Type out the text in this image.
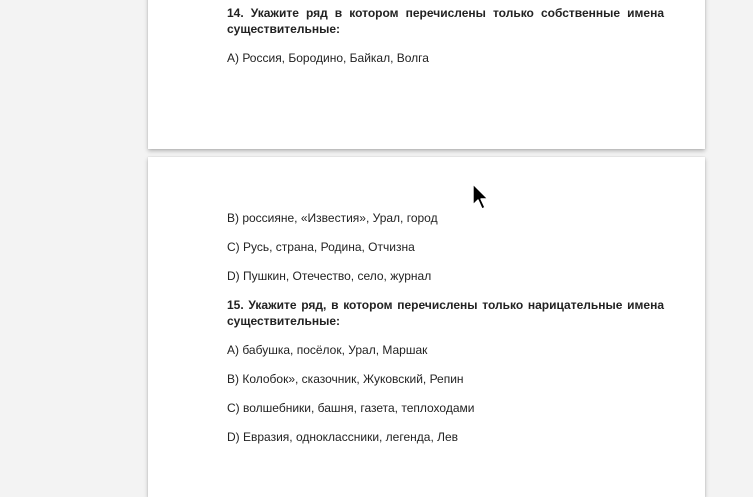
14. Укажите ряд в котором перечислены только собственные имена существительные:

А) Россия, Бородино, Байкал, Волга

В) россияне, «Известия», Урал, город

С) Русь, страна, Родина, Отчизна

D) Пушкин, Отечество, село, журнал

15. Укажите ряд, в котором перечислены только нарицательные имена существительные:

А) бабушка, посёлок, Урал, Маршак

В) Колобок», сказочник, Жуковский, Репин

С) волшебники, башня, газета, теплоходами

D) Евразия, одноклассники, легенда, Лев
